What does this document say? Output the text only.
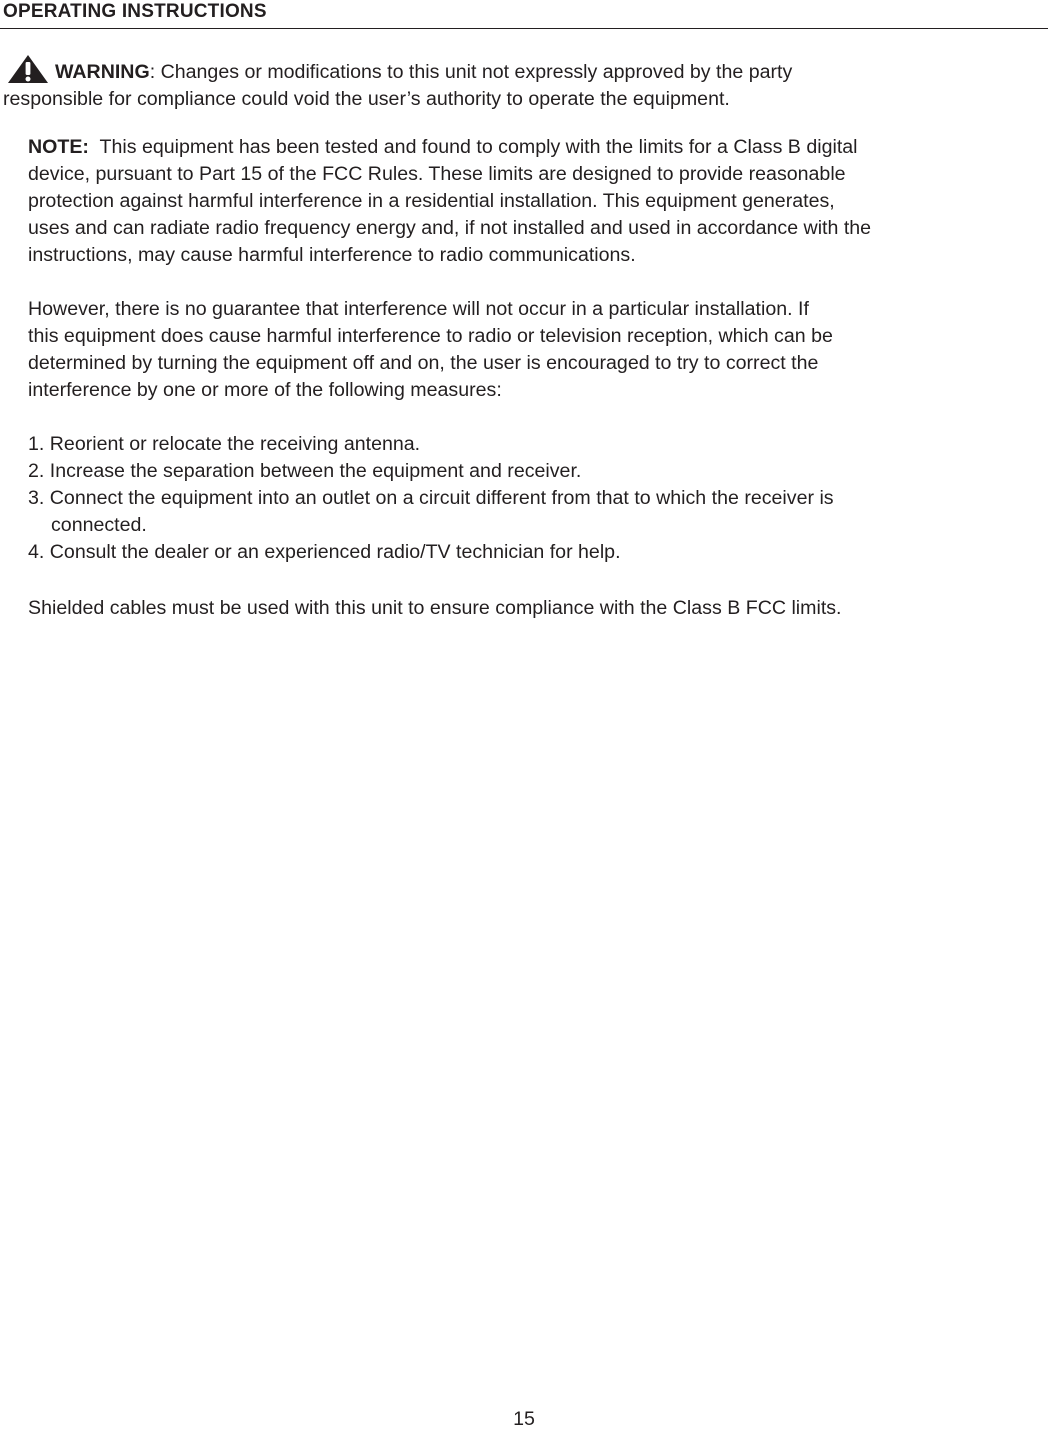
OPERATING INSTRUCTIONS
WARNING: Changes or modifications to this unit not expressly approved by the party
responsible for compliance could void the user’s authority to operate the equipment.
NOTE:  This equipment has been tested and found to comply with the limits for a Class B digital
device, pursuant to Part 15 of the FCC Rules. These limits are designed to provide reasonable
protection against harmful interference in a residential installation. This equipment generates,
uses and can radiate radio frequency energy and, if not installed and used in accordance with the
instructions, may cause harmful interference to radio communications.
However, there is no guarantee that interference will not occur in a particular installation. If
this equipment does cause harmful interference to radio or television reception, which can be
determined by turning the equipment off and on, the user is encouraged to try to correct the
interference by one or more of the following measures:
1. Reorient or relocate the receiving antenna.
2. Increase the separation between the equipment and receiver.
3. Connect the equipment into an outlet on a circuit different from that to which the receiver is
connected.
4. Consult the dealer or an experienced radio/TV technician for help.
Shielded cables must be used with this unit to ensure compliance with the Class B FCC limits.
15
